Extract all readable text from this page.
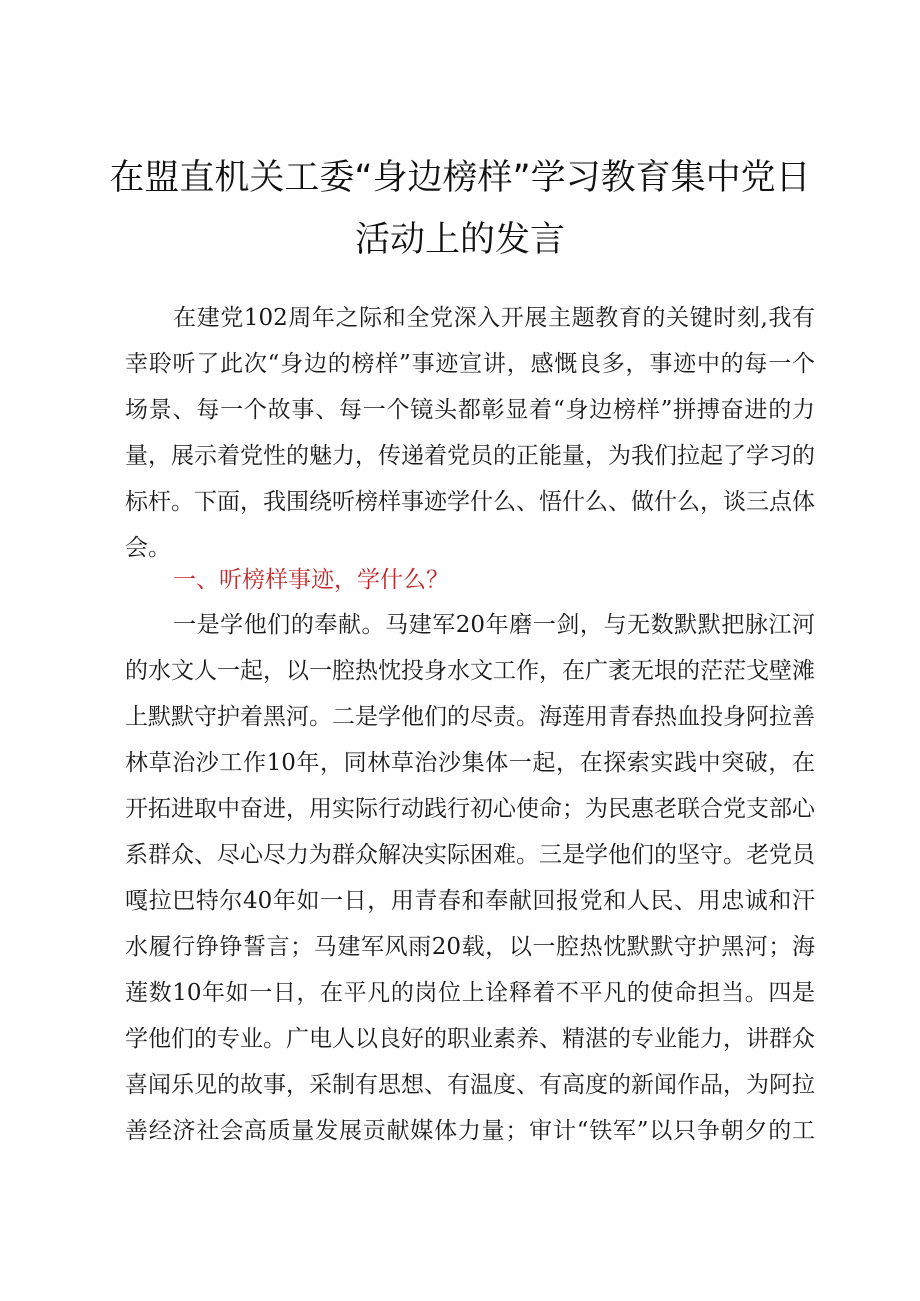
在盟直机关工委“身边榜样”学习教育集中党日
活动上的发言
在建党102周年之际和全党深入开展主题教育的关键时刻,我有
幸聆听了此次“身边的榜样”事迹宣讲，感慨良多，事迹中的每一个
场景、每一个故事、每一个镜头都彰显着“身边榜样”拼搏奋进的力
量，展示着党性的魅力，传递着党员的正能量，为我们拉起了学习的
标杆。下面，我围绕听榜样事迹学什么、悟什么、做什么，谈三点体
会。
一、听榜样事迹，学什么？
一是学他们的奉献。马建军20年磨一剑，与无数默默把脉江河
的水文人一起，以一腔热忱投身水文工作，在广袤无垠的茫茫戈壁滩
上默默守护着黑河。二是学他们的尽责。海莲用青春热血投身阿拉善
林草治沙工作10年，同林草治沙集体一起，在探索实践中突破，在
开拓进取中奋进，用实际行动践行初心使命；为民惠老联合党支部心
系群众、尽心尽力为群众解决实际困难。三是学他们的坚守。老党员
嘎拉巴特尔40年如一日，用青春和奉献回报党和人民、用忠诚和汗
水履行铮铮誓言；马建军风雨20载，以一腔热忱默默守护黑河；海
莲数10年如一日，在平凡的岗位上诠释着不平凡的使命担当。四是
学他们的专业。广电人以良好的职业素养、精湛的专业能力，讲群众
喜闻乐见的故事，采制有思想、有温度、有高度的新闻作品，为阿拉
善经济社会高质量发展贡献媒体力量；审计“铁军”以只争朝夕的工
